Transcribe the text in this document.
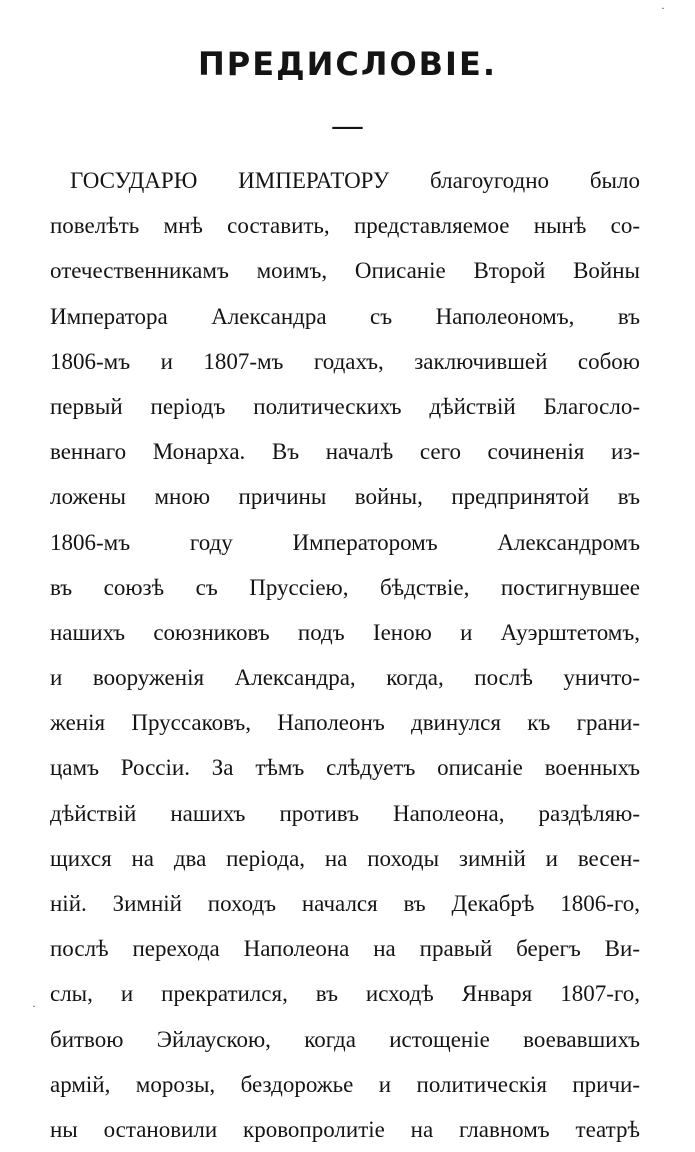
ПРЕДИСЛОВІЕ.
—
ГОСУДАРЮ ИМПЕРАТОРУ благоугодно было
повелѣть мнѣ составить, представляемое нынѣ со-
отечественникамъ моимъ, Описаніе Второй Войны
Императора Александра съ Наполеономъ, въ
1806-мъ и 1807-мъ годахъ, заключившей собою
первый періодъ политическихъ дѣйствій Благосло-
веннаго Монарха. Въ началѣ сего сочиненія из-
ложены мною причины войны, предпринятой въ
1806-мъ году Императоромъ Александромъ
въ союзѣ съ Пруссіею, бѣдствіе, постигнувшее
нашихъ союзниковъ подъ Іеною и Ауэрштетомъ,
и вооруженія Александра, когда, послѣ уничто-
женія Пруссаковъ, Наполеонъ двинулся къ грани-
цамъ Россіи. За тѣмъ слѣдуетъ описаніе военныхъ
дѣйствій нашихъ противъ Наполеона, раздѣляю-
щихся на два періода, на походы зимній и весен-
ній. Зимній походъ начался въ Декабрѣ 1806-го,
послѣ перехода Наполеона на правый берегъ Ви-
слы, и прекратился, въ исходѣ Января 1807-го,
битвою Эйлаускою, когда истощеніе воевавшихъ
армій, морозы, бездорожье и политическія причи-
ны остановили кровопролитіе на главномъ театрѣ
·
·
